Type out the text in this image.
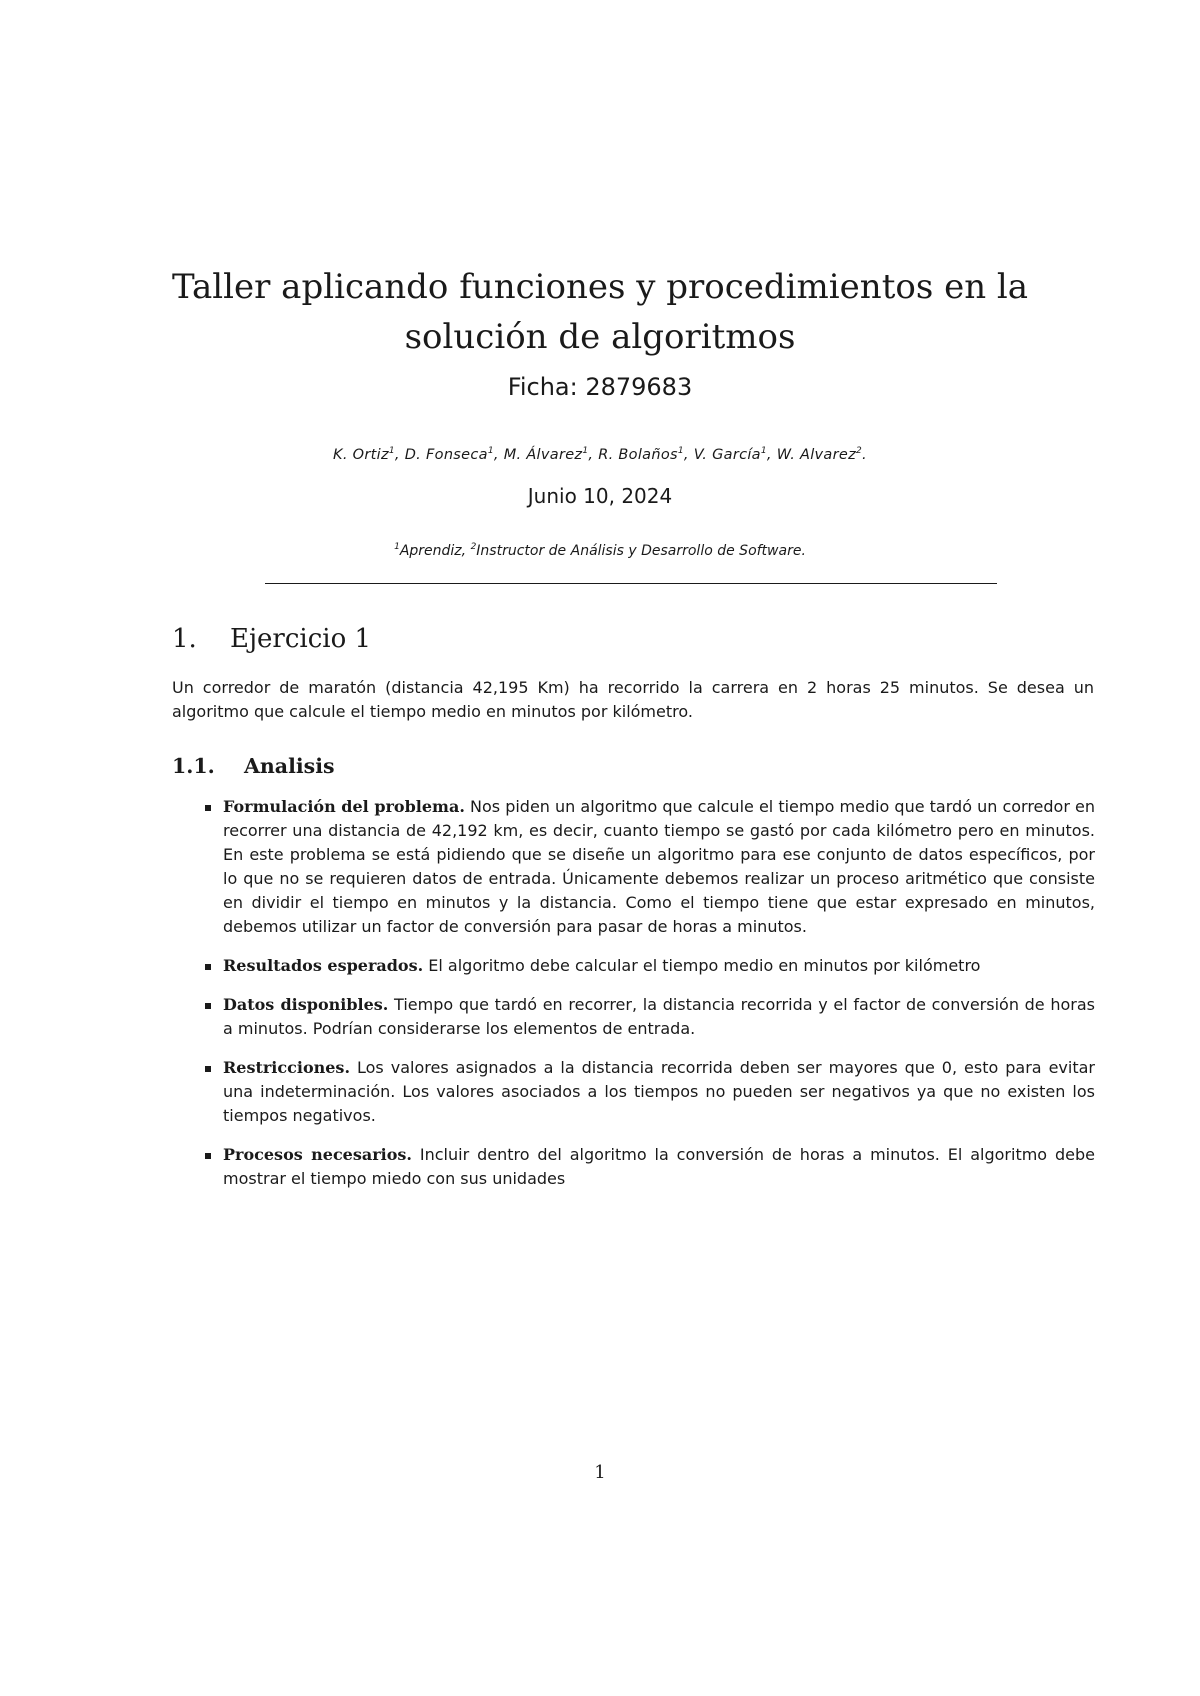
Taller aplicando funciones y procedimientos en la solución de algoritmos
Ficha: 2879683
K. Ortiz$^1$, D. Fonseca$^1$, M. Álvarez$^1$, R. Bolaños$^1$, V. García$^1$, W. Alvarez$^2$.
Junio 10, 2024
$^1$Aprendiz, $^2$Instructor de Análisis y Desarrollo de Software.
1. Ejercicio 1

Un corredor de maratón (distancia 42,195 Km) ha recorrido la carrera en 2 horas 25 minutos. Se desea un algoritmo que calcule el tiempo medio en minutos por kilómetro.

1.1. Analisis
Formulación del problema. Nos piden un algoritmo que calcule el tiempo medio que tardó un corredor en recorrer una distancia de 42,192 km, es decir, cuanto tiempo se gastó por cada kilómetro pero en minutos. En este problema se está pidiendo que se diseñe un algoritmo para ese conjunto de datos específicos, por lo que no se requieren datos de entrada. Únicamente debemos realizar un proceso aritmético que consiste en dividir el tiempo en minutos y la distancia. Como el tiempo tiene que estar expresado en minutos, debemos utilizar un factor de conversión para pasar de horas a minutos.
Resultados esperados. El algoritmo debe calcular el tiempo medio en minutos por kilómetro
Datos disponibles. Tiempo que tardó en recorrer, la distancia recorrida y el factor de conversión de horas a minutos. Podrían considerarse los elementos de entrada.
Restricciones. Los valores asignados a la distancia recorrida deben ser mayores que 0, esto para evitar una indeterminación. Los valores asociados a los tiempos no pueden ser negativos ya que no existen los tiempos negativos.
Procesos necesarios. Incluir dentro del algoritmo la conversión de horas a minutos. El algoritmo debe mostrar el tiempo miedo con sus unidades
1
